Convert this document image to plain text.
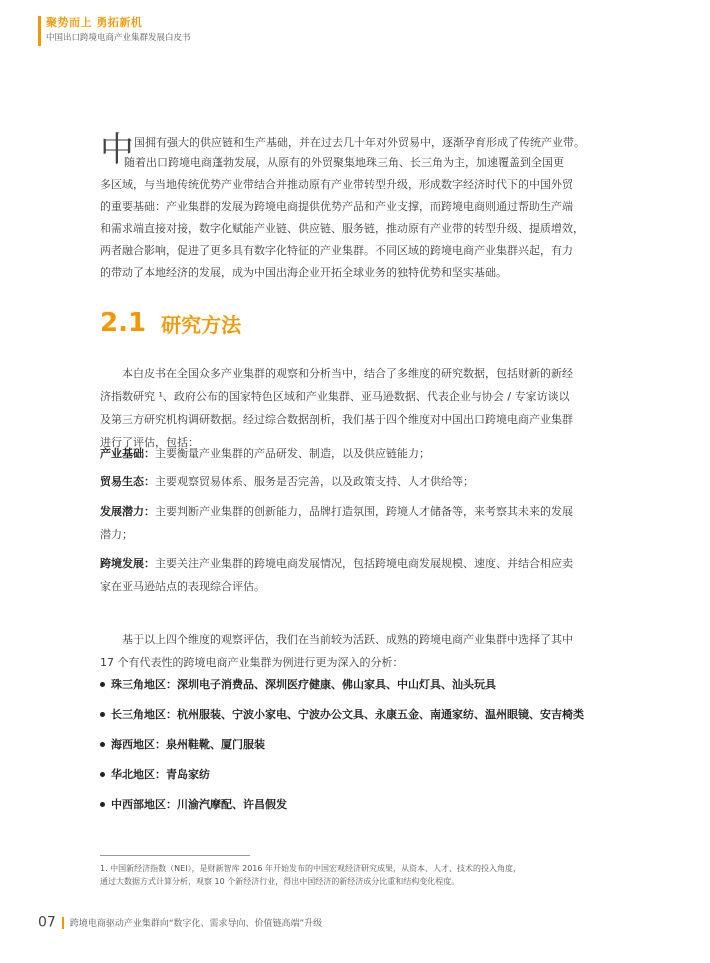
聚势而上 勇拓新机
中国出口跨境电商产业集群发展白皮书
中 国拥有强大的供应链和生产基础，并在过去几十年对外贸易中，逐渐孕育形成了传统产业带。
随着出口跨境电商蓬勃发展，从原有的外贸聚集地珠三角、长三角为主，加速覆盖到全国更
多区域，与当地传统优势产业带结合并推动原有产业带转型升级，形成数字经济时代下的中国外贸
的重要基础：产业集群的发展为跨境电商提供优势产品和产业支撑，而跨境电商则通过帮助生产端
和需求端直接对接，数字化赋能产业链、供应链、服务链，推动原有产业带的转型升级、提质增效，
两者融合影响，促进了更多具有数字化特征的产业集群。不同区域的跨境电商产业集群兴起，有力
的带动了本地经济的发展，成为中国出海企业开拓全球业务的独特优势和坚实基础。
2.1 研究方法
本白皮书在全国众多产业集群的观察和分析当中，结合了多维度的研究数据，包括财新的新经
济指数研究 ¹、政府公布的国家特色区域和产业集群、亚马逊数据、代表企业与协会 / 专家访谈以
及第三方研究机构调研数据。经过综合数据剖析，我们基于四个维度对中国出口跨境电商产业集群
进行了评估，包括：
产业基础：主要衡量产业集群的产品研发、制造，以及供应链能力；
贸易生态：主要观察贸易体系、服务是否完善，以及政策支持、人才供给等；
发展潜力：主要判断产业集群的创新能力，品牌打造氛围，跨境人才储备等，来考察其未来的发展
潜力；
跨境发展：主要关注产业集群的跨境电商发展情况，包括跨境电商发展规模、速度、并结合相应卖
家在亚马逊站点的表现综合评估。
基于以上四个维度的观察评估，我们在当前较为活跃、成熟的跨境电商产业集群中选择了其中
17 个有代表性的跨境电商产业集群为例进行更为深入的分析：
珠三角地区：深圳电子消费品、深圳医疗健康、佛山家具、中山灯具、汕头玩具
长三角地区：杭州服装、宁波小家电、宁波办公文具、永康五金、南通家纺、温州眼镜、安吉椅类
海西地区：泉州鞋靴、厦门服装
华北地区：青岛家纺
中西部地区：川渝汽摩配、许昌假发
1. 中国新经济指数（NEI），是财新智库 2016 年开始发布的中国宏观经济研究成果，从资本、人才、技术的投入角度，
通过大数据方式计算分析，观察 10 个新经济行业，得出中国经济的新经济成分比重和结构变化程度。
07 跨境电商驱动产业集群向“数字化、需求导向、价值链高端”升级
